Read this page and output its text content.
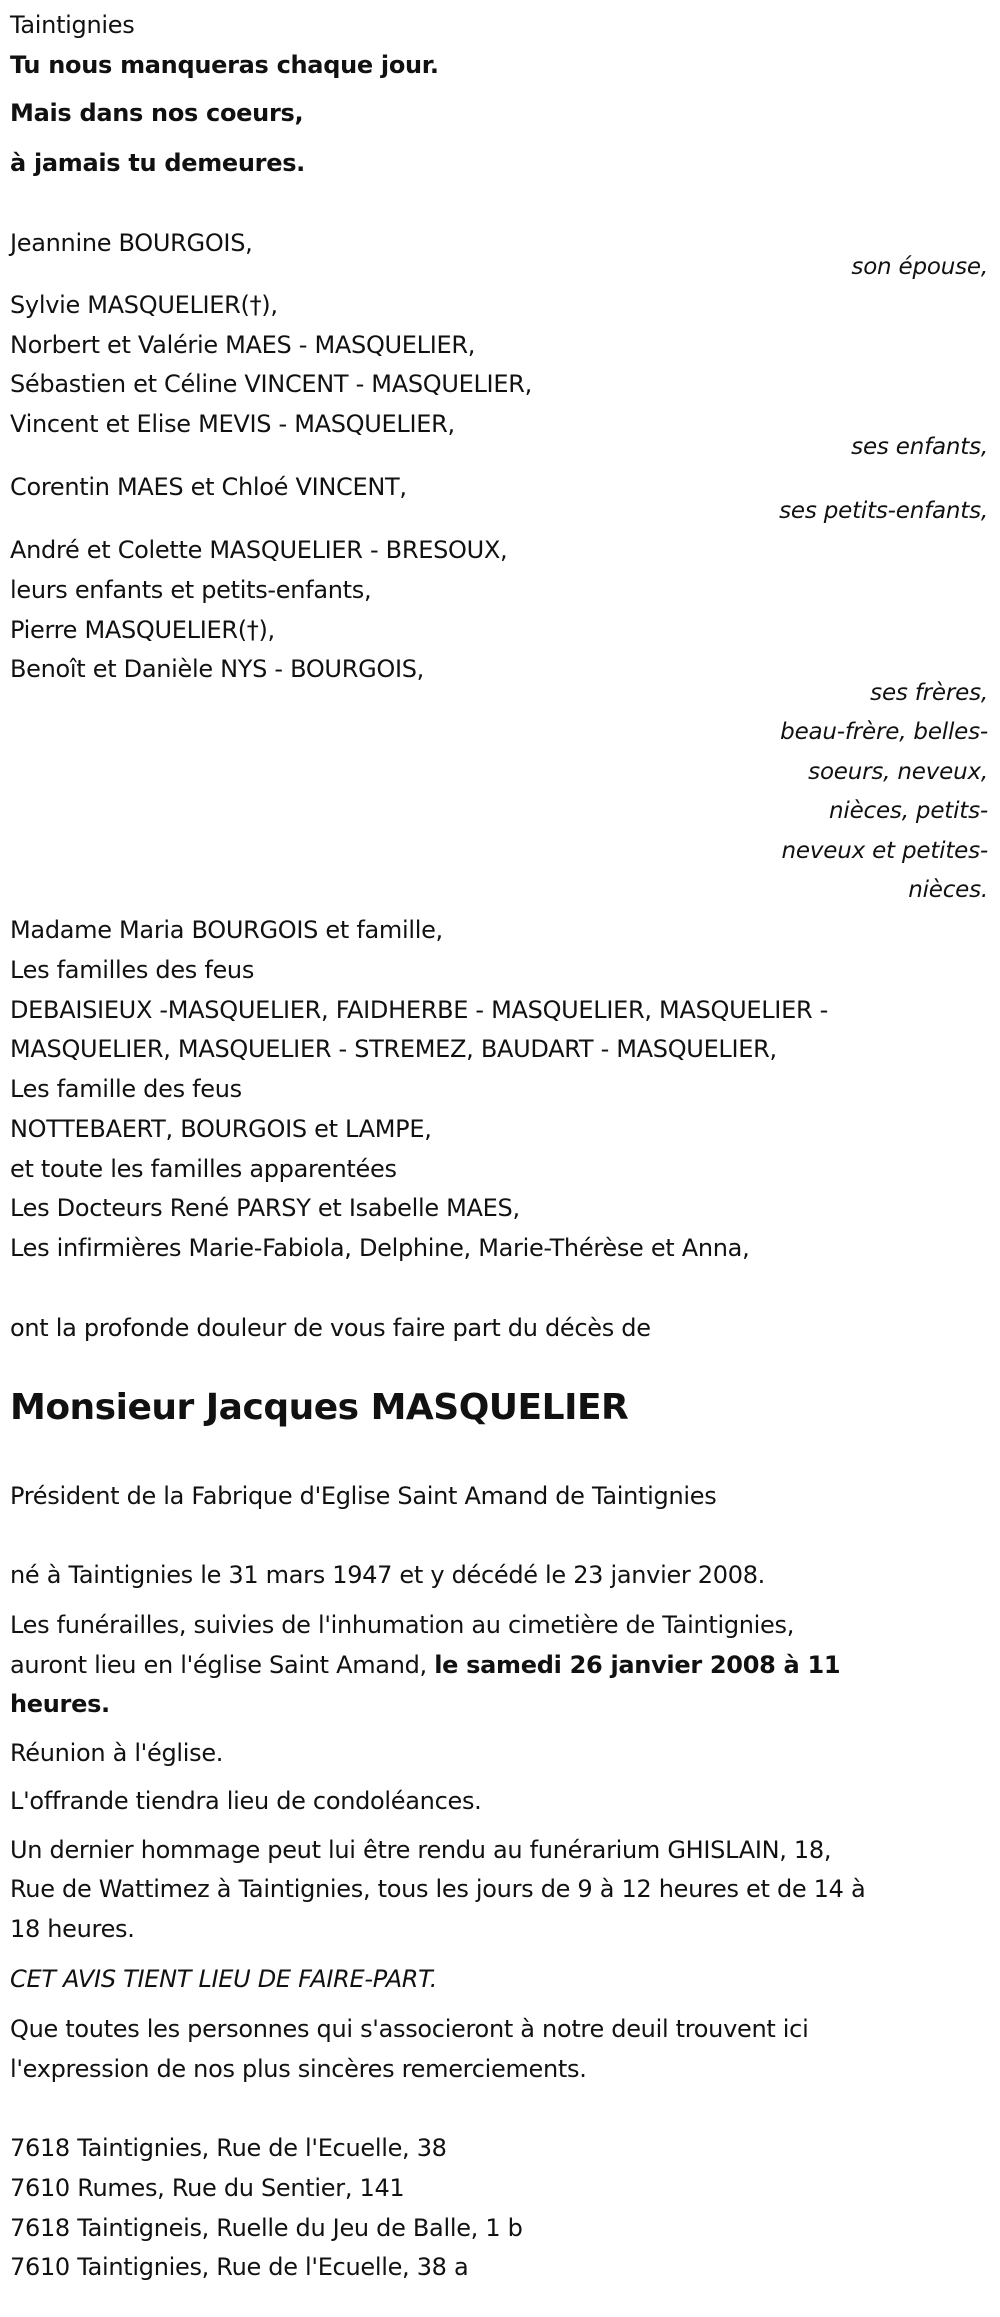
Taintignies
Tu nous manqueras chaque jour.
Mais dans nos coeurs,
à jamais tu demeures.
Jeannine BOURGOIS,
son épouse,
Sylvie MASQUELIER(†),
Norbert et Valérie MAES - MASQUELIER,
Sébastien et Céline VINCENT - MASQUELIER,
Vincent et Elise MEVIS - MASQUELIER,
ses enfants,
Corentin MAES et Chloé VINCENT,
ses petits-enfants,
André et Colette MASQUELIER - BRESOUX,
leurs enfants et petits-enfants,
Pierre MASQUELIER(†),
Benoît et Danièle NYS - BOURGOIS,
ses frères,
beau-frère, belles-
soeurs, neveux,
nièces, petits-
neveux et petites-
nièces.
Madame Maria BOURGOIS et famille,
Les familles des feus
DEBAISIEUX -MASQUELIER, FAIDHERBE - MASQUELIER, MASQUELIER -
MASQUELIER, MASQUELIER - STREMEZ, BAUDART - MASQUELIER,
Les famille des feus
NOTTEBAERT, BOURGOIS et LAMPE,
et toute les familles apparentées
Les Docteurs René PARSY et Isabelle MAES,
Les infirmières Marie-Fabiola, Delphine, Marie-Thérèse et Anna,
ont la profonde douleur de vous faire part du décès de
Monsieur Jacques MASQUELIER
Président de la Fabrique d'Eglise Saint Amand de Taintignies
né à Taintignies le 31 mars 1947 et y décédé le 23 janvier 2008.
Les funérailles, suivies de l'inhumation au cimetière de Taintignies,
auront lieu en l'église Saint Amand, le samedi 26 janvier 2008 à 11
heures.
Réunion à l'église.
L'offrande tiendra lieu de condoléances.
Un dernier hommage peut lui être rendu au funérarium GHISLAIN, 18,
Rue de Wattimez à Taintignies, tous les jours de 9 à 12 heures et de 14 à
18 heures.
CET AVIS TIENT LIEU DE FAIRE-PART.
Que toutes les personnes qui s'associeront à notre deuil trouvent ici
l'expression de nos plus sincères remerciements.
7618 Taintignies, Rue de l'Ecuelle, 38
7610 Rumes, Rue du Sentier, 141
7618 Taintigneis, Ruelle du Jeu de Balle, 1 b
7610 Taintignies, Rue de l'Ecuelle, 38 a
